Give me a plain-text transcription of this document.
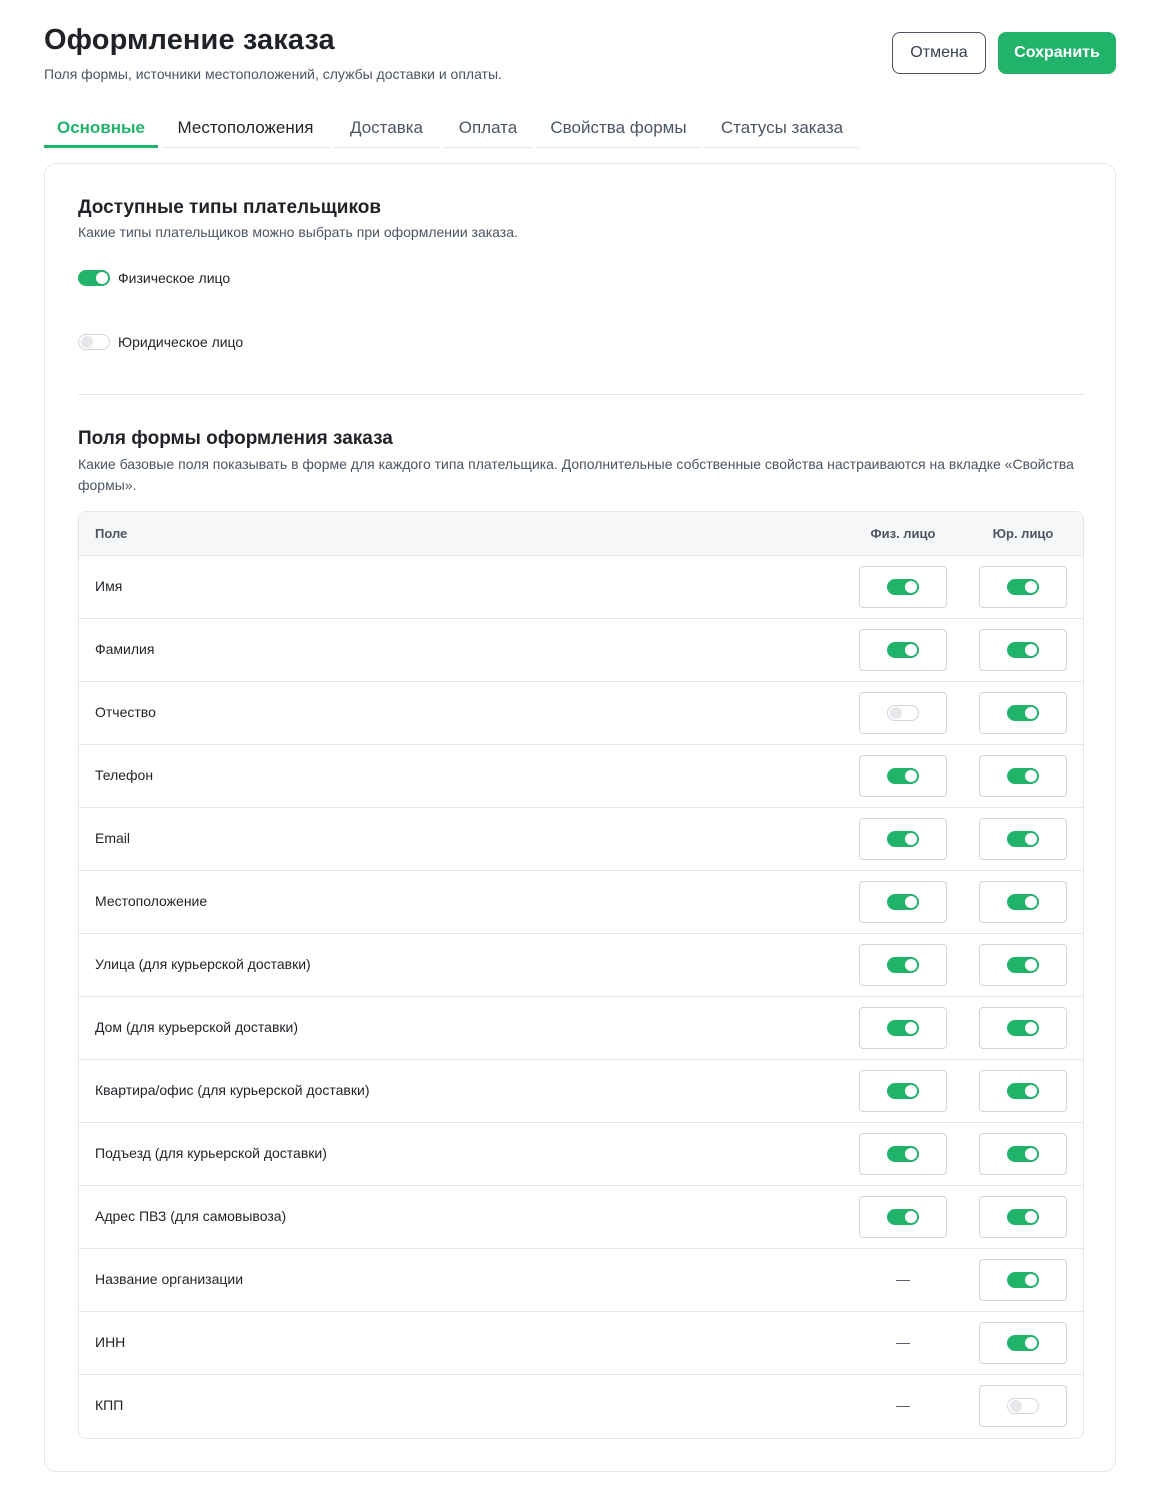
Оформление заказа
Поля формы, источники местоположений, службы доставки и оплаты.
Отмена	Сохранить
Основные	Местоположения	Доставка	Оплата	Свойства формы	Статусы заказа
Доступные типы плательщиков
Какие типы плательщиков можно выбрать при оформлении заказа.
Физическое лицо
Юридическое лицо
Поля формы оформления заказа
Какие базовые поля показывать в форме для каждого типа плательщика. Дополнительные собственные свойства настраиваются на вкладке «Свойства формы».
Поле	Физ. лицо	Юр. лицо
Имя
Фамилия
Отчество
Телефон
Email
Местоположение
Улица (для курьерской доставки)
Дом (для курьерской доставки)
Квартира/офис (для курьерской доставки)
Подъезд (для курьерской доставки)
Адрес ПВЗ (для самовывоза)
Название организации	—
ИНН	—
КПП	—
